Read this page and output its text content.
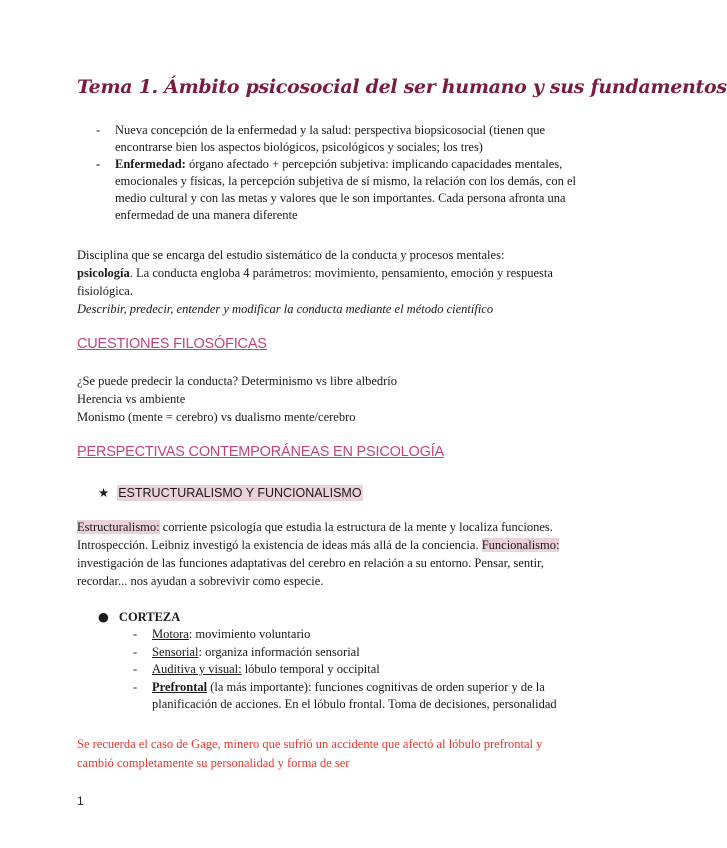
Tema 1. Ámbito psicosocial del ser humano y sus fundamentos
- Nueva concepción de la enfermedad y la salud: perspectiva biopsicosocial (tienen que encontrarse bien los aspectos biológicos, psicológicos y sociales; los tres)
- Enfermedad: órgano afectado + percepción subjetiva: implicando capacidades mentales, emocionales y físicas, la percepción subjetiva de sí mismo, la relación con los demás, con el medio cultural y con las metas y valores que le son importantes. Cada persona afronta una enfermedad de una manera diferente

Disciplina que se encarga del estudio sistemático de la conducta y procesos mentales:
psicología. La conducta engloba 4 parámetros: movimiento, pensamiento, emoción y respuesta fisiológica.
Describir, predecir, entender y modificar la conducta mediante el método científico

CUESTIONES FILOSÓFICAS

¿Se puede predecir la conducta? Determinismo vs libre albedrío
Herencia vs ambiente
Monismo (mente = cerebro) vs dualismo mente/cerebro

PERSPECTIVAS CONTEMPORÁNEAS EN PSICOLOGÍA
★ ESTRUCTURALISMO Y FUNCIONALISMO

Estructuralismo: corriente psicología que estudia la estructura de la mente y localiza funciones. Introspección. Leibniz investigó la existencia de ideas más allá de la conciencia. Funcionalismo: investigación de las funciones adaptativas del cerebro en relación a su entorno. Pensar, sentir, recordar... nos ayudan a sobrevivir como especie.

● CORTEZA
- Motora: movimiento voluntario
- Sensorial: organiza información sensorial
- Auditiva y visual: lóbulo temporal y occipital
- Prefrontal (la más importante): funciones cognitivas de orden superior y de la planificación de acciones. En el lóbulo frontal. Toma de decisiones, personalidad

Se recuerda el caso de Gage, minero que sufrió un accidente que afectó al lóbulo prefrontal y cambió completamente su personalidad y forma de ser

1
